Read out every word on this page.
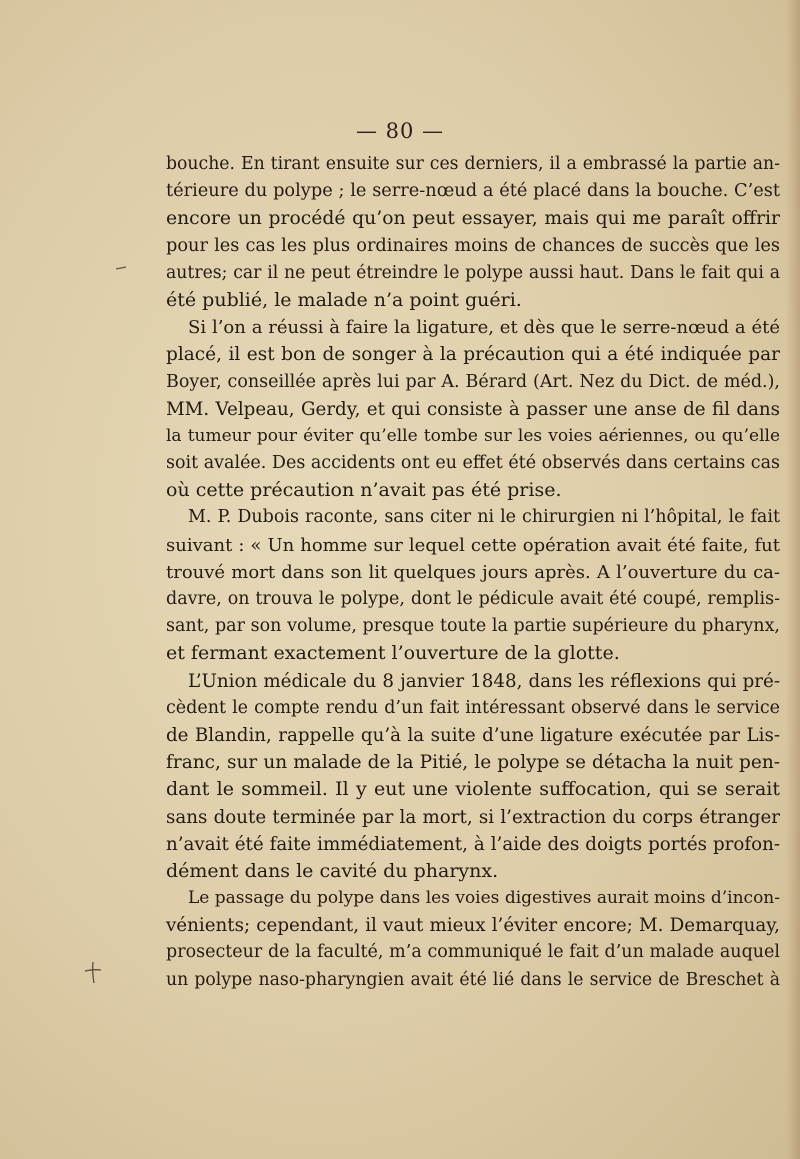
— 80 —
bouche. En tirant ensuite sur ces derniers, il a embrassé la partie an-
térieure du polype ; le serre-nœud a été placé dans la bouche. C’est
encore un procédé qu’on peut essayer, mais qui me paraît offrir
pour les cas les plus ordinaires moins de chances de succès que les
autres; car il ne peut étreindre le polype aussi haut. Dans le fait qui a
été publié, le malade n’a point guéri.
Si l’on a réussi à faire la ligature, et dès que le serre-nœud a été
placé, il est bon de songer à la précaution qui a été indiquée par
Boyer, conseillée après lui par A. Bérard (Art. Nez du Dict. de méd.),
MM. Velpeau, Gerdy, et qui consiste à passer une anse de fil dans
la tumeur pour éviter qu’elle tombe sur les voies aériennes, ou qu’elle
soit avalée. Des accidents ont eu effet été observés dans certains cas
où cette précaution n’avait pas été prise.
M. P. Dubois raconte, sans citer ni le chirurgien ni l’hôpital, le fait
suivant : « Un homme sur lequel cette opération avait été faite, fut
trouvé mort dans son lit quelques jours après. A l’ouverture du ca-
davre, on trouva le polype, dont le pédicule avait été coupé, remplis-
sant, par son volume, presque toute la partie supérieure du pharynx,
et fermant exactement l’ouverture de la glotte.
L’Union médicale du 8 janvier 1848, dans les réflexions qui pré-
cèdent le compte rendu d’un fait intéressant observé dans le service
de Blandin, rappelle qu’à la suite d’une ligature exécutée par Lis-
franc, sur un malade de la Pitié, le polype se détacha la nuit pen-
dant le sommeil. Il y eut une violente suffocation, qui se serait
sans doute terminée par la mort, si l’extraction du corps étranger
n’avait été faite immédiatement, à l’aide des doigts portés profon-
dément dans le cavité du pharynx.
Le passage du polype dans les voies digestives aurait moins d’incon-
vénients; cependant, il vaut mieux l’éviter encore; M. Demarquay,
prosecteur de la faculté, m’a communiqué le fait d’un malade auquel
un polype naso-pharyngien avait été lié dans le service de Breschet à
